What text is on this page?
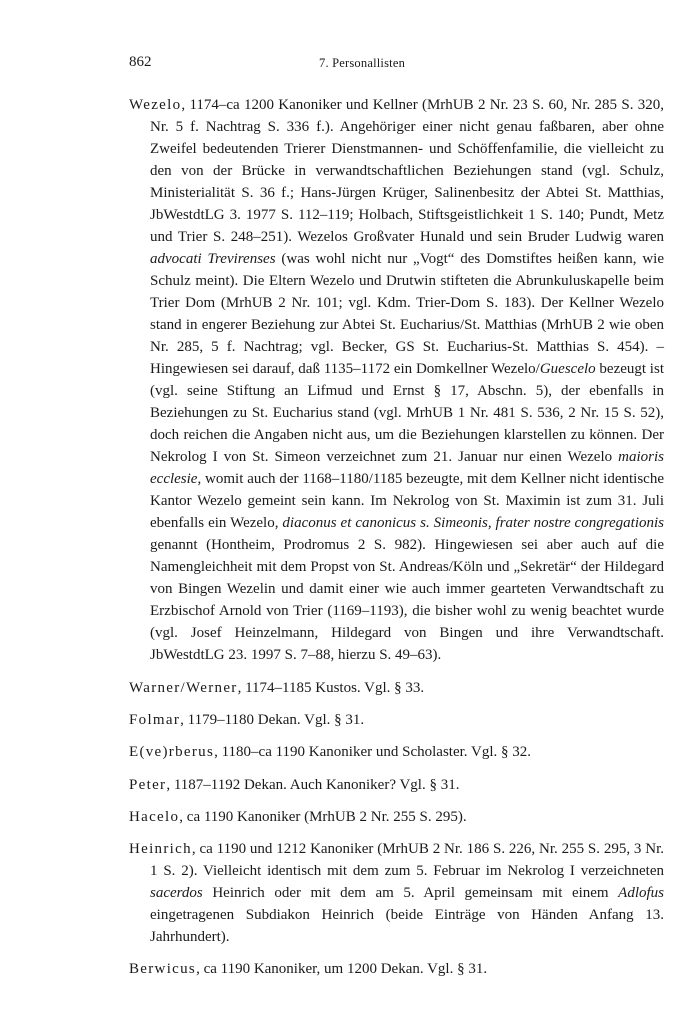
862	7. Personallisten

Wezelo, 1174–ca 1200 Kanoniker und Kellner (MrhUB 2 Nr. 23 S. 60, Nr. 285 S. 320, Nr. 5 f. Nachtrag S. 336 f.). Angehöriger einer nicht genau faßbaren, aber ohne Zweifel bedeutenden Trierer Dienstmannen- und Schöffenfamilie, die vielleicht zu den von der Brücke in verwandtschaftlichen Beziehungen stand (vgl. Schulz, Ministerialität S. 36 f.; Hans-Jürgen Krüger, Salinenbesitz der Abtei St. Matthias, JbWestdtLG 3. 1977 S. 112–119; Holbach, Stiftsgeistlichkeit 1 S. 140; Pundt, Metz und Trier S. 248–251). Wezelos Großvater Hunald und sein Bruder Ludwig waren advocati Trevirenses (was wohl nicht nur „Vogt“ des Domstiftes heißen kann, wie Schulz meint). Die Eltern Wezelo und Drutwin stifteten die Abrunkuluskapelle beim Trier Dom (MrhUB 2 Nr. 101; vgl. Kdm. Trier-Dom S. 183). Der Kellner Wezelo stand in engerer Beziehung zur Abtei St. Eucharius/St. Matthias (MrhUB 2 wie oben Nr. 285, 5 f. Nachtrag; vgl. Becker, GS St. Eucharius-St. Matthias S. 454). – Hingewiesen sei darauf, daß 1135–1172 ein Domkellner Wezelo/Guescelo bezeugt ist (vgl. seine Stiftung an Lifmud und Ernst § 17, Abschn. 5), der ebenfalls in Beziehungen zu St. Eucharius stand (vgl. MrhUB 1 Nr. 481 S. 536, 2 Nr. 15 S. 52), doch reichen die Angaben nicht aus, um die Beziehungen klarstellen zu können. Der Nekrolog I von St. Simeon verzeichnet zum 21. Januar nur einen Wezelo maioris ecclesie, womit auch der 1168–1180/1185 bezeugte, mit dem Kellner nicht identische Kantor Wezelo gemeint sein kann. Im Nekrolog von St. Maximin ist zum 31. Juli ebenfalls ein Wezelo, diaconus et canonicus s. Simeonis, frater nostre congregationis genannt (Hontheim, Prodromus 2 S. 982). Hingewiesen sei aber auch auf die Namengleichheit mit dem Propst von St. Andreas/Köln und „Sekretär“ der Hildegard von Bingen Wezelin und damit einer wie auch immer gearteten Verwandtschaft zu Erzbischof Arnold von Trier (1169–1193), die bisher wohl zu wenig beachtet wurde (vgl. Josef Heinzelmann, Hildegard von Bingen und ihre Verwandtschaft. JbWestdtLG 23. 1997 S. 7–88, hierzu S. 49–63).

Warner/Werner, 1174–1185 Kustos. Vgl. § 33.

Folmar, 1179–1180 Dekan. Vgl. § 31.

E(ve)rberus, 1180–ca 1190 Kanoniker und Scholaster. Vgl. § 32.

Peter, 1187–1192 Dekan. Auch Kanoniker? Vgl. § 31.

Hacelo, ca 1190 Kanoniker (MrhUB 2 Nr. 255 S. 295).

Heinrich, ca 1190 und 1212 Kanoniker (MrhUB 2 Nr. 186 S. 226, Nr. 255 S. 295, 3 Nr. 1 S. 2). Vielleicht identisch mit dem zum 5. Februar im Nekrolog I verzeichneten sacerdos Heinrich oder mit dem am 5. April gemeinsam mit einem Adlofus eingetragenen Subdiakon Heinrich (beide Einträge von Händen Anfang 13. Jahrhundert).

Berwicus, ca 1190 Kanoniker, um 1200 Dekan. Vgl. § 31.
